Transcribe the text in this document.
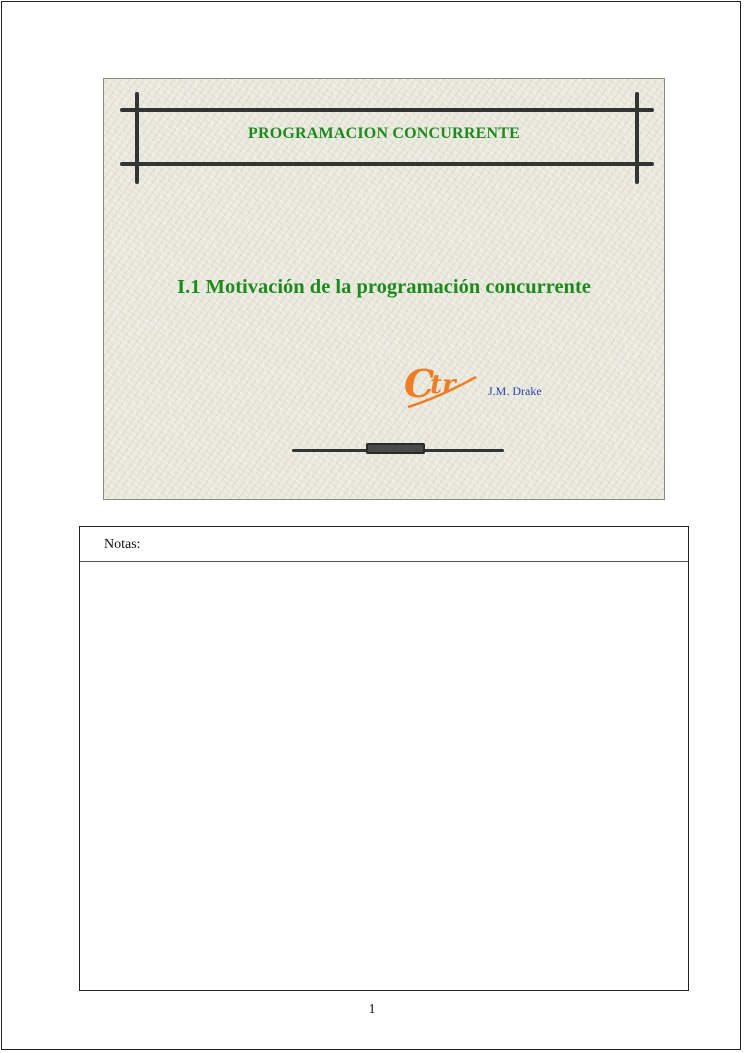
PROGRAMACION CONCURRENTE
I.1 Motivación de la programación concurrente
C
tr	J.M. Drake
Notas:
1
